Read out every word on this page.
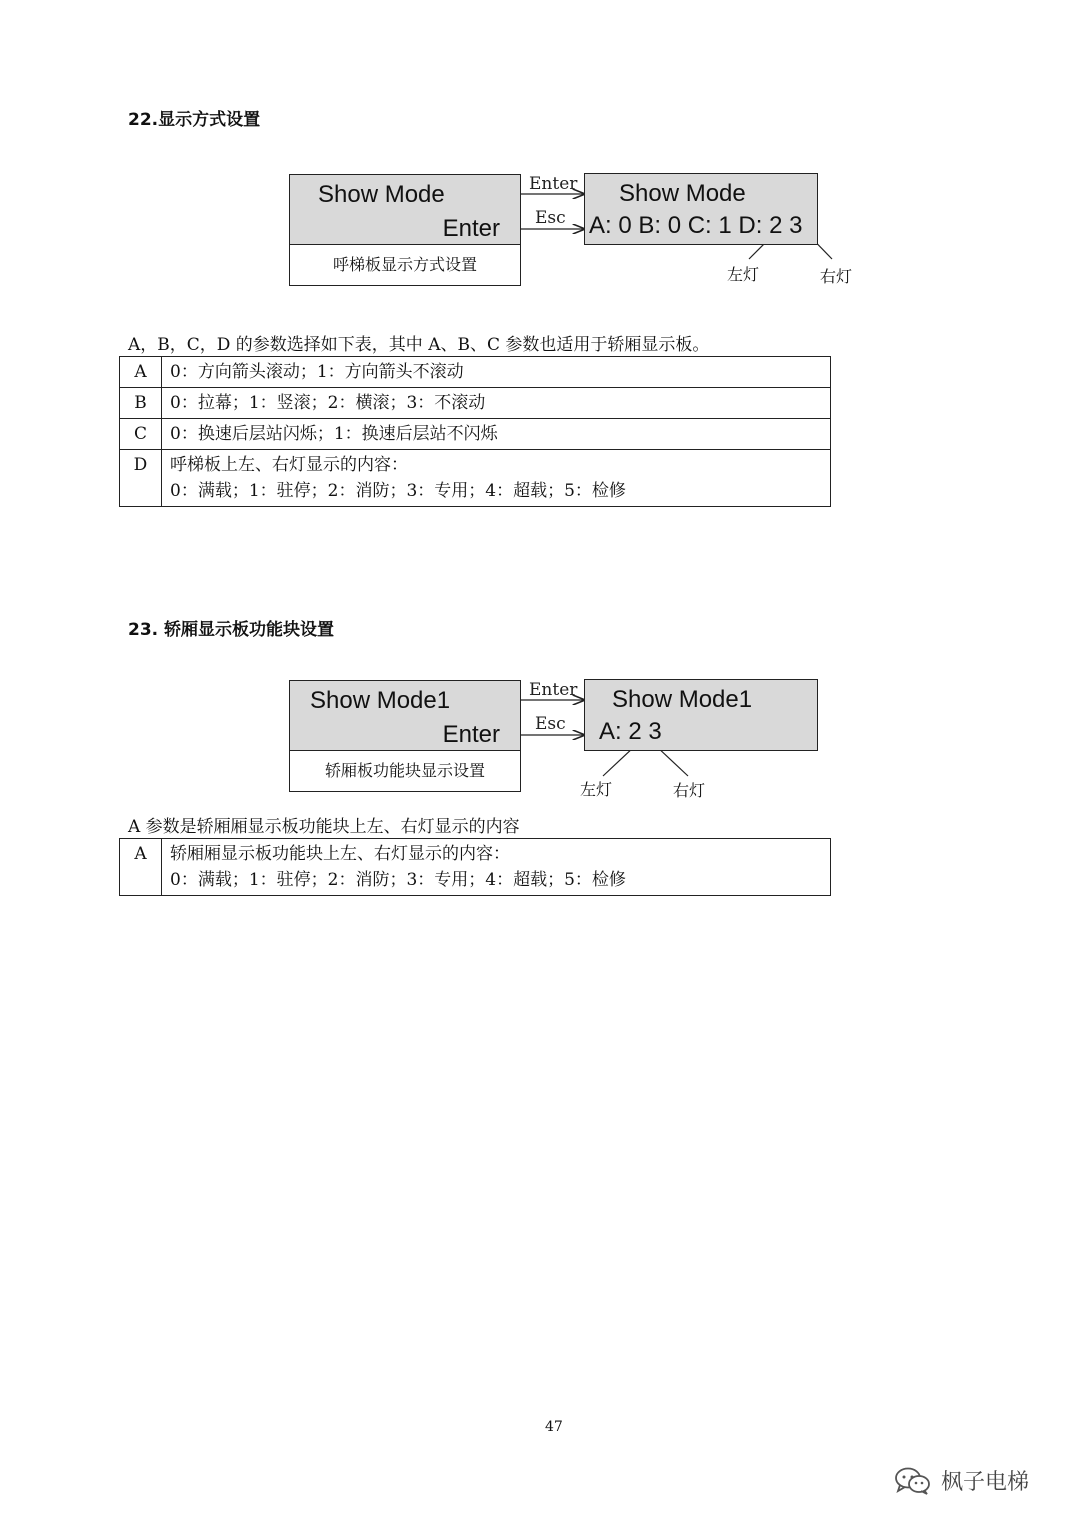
22.显示方式设置
Show Mode
Enter
呼梯板显示方式设置
Enter
Esc
Show Mode
A: 0 B: 0 C: 1 D: 2 3
左灯	右灯
A，B，C，D 的参数选择如下表，其中 A、B、C 参数也适用于轿厢显示板。
A	0：方向箭头滚动；1：方向箭头不滚动

B	0：拉幕；1：竖滚；2：横滚；3：不滚动

C	0：换速后层站闪烁；1：换速后层站不闪烁

D	呼梯板上左、右灯显示的内容：
0：满载；1：驻停；2：消防；3：专用；4：超载；5：检修
23. 轿厢显示板功能块设置
Show Mode1
Enter
轿厢板功能块显示设置
Enter
Esc
Show Mode1
A: 2 3
左灯	右灯
A 参数是轿厢厢显示板功能块上左、右灯显示的内容
A	轿厢厢显示板功能块上左、右灯显示的内容：
0：满载；1：驻停；2：消防；3：专用；4：超载；5：检修
47
枫子电梯
